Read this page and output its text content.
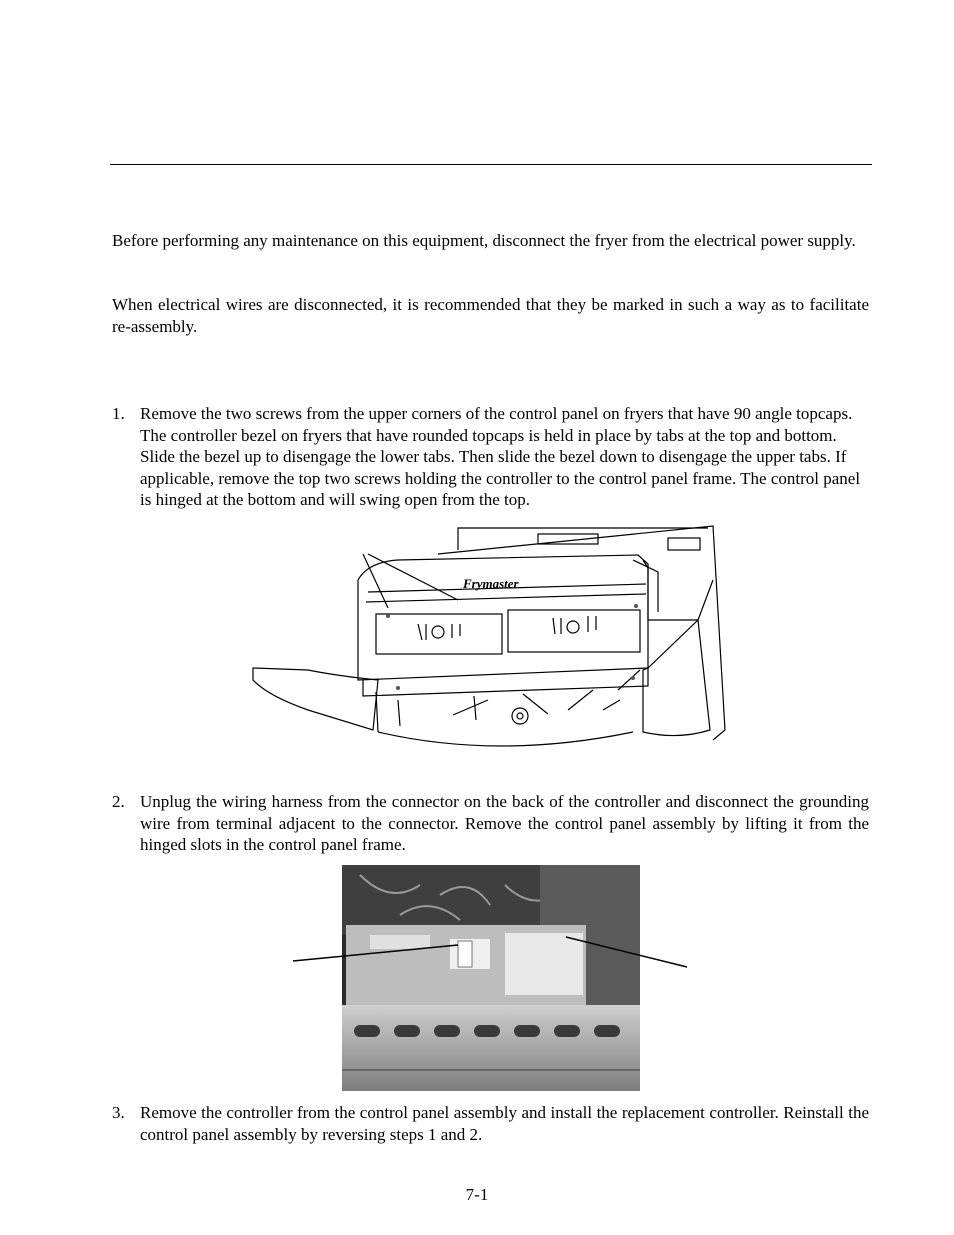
Before performing any maintenance on this equipment, disconnect the fryer from the electrical power supply.

When electrical wires are disconnected, it is recommended that they be marked in such a way as to facilitate re-assembly.

1. Remove the two screws from the upper corners of the control panel on fryers that have 90 angle topcaps. The controller bezel on fryers that have rounded topcaps is held in place by tabs at the top and bottom. Slide the bezel up to disengage the lower tabs. Then slide the bezel down to disengage the upper tabs. If applicable, remove the top two screws holding the controller to the control panel frame. The control panel is hinged at the bottom and will swing open from the top.
Frymaster
2. Unplug the wiring harness from the connector on the back of the controller and disconnect the grounding wire from terminal adjacent to the connector. Remove the control panel assembly by lifting it from the hinged slots in the control panel frame.
3. Remove the controller from the control panel assembly and install the replacement controller. Reinstall the control panel assembly by reversing steps 1 and 2.
7-1
